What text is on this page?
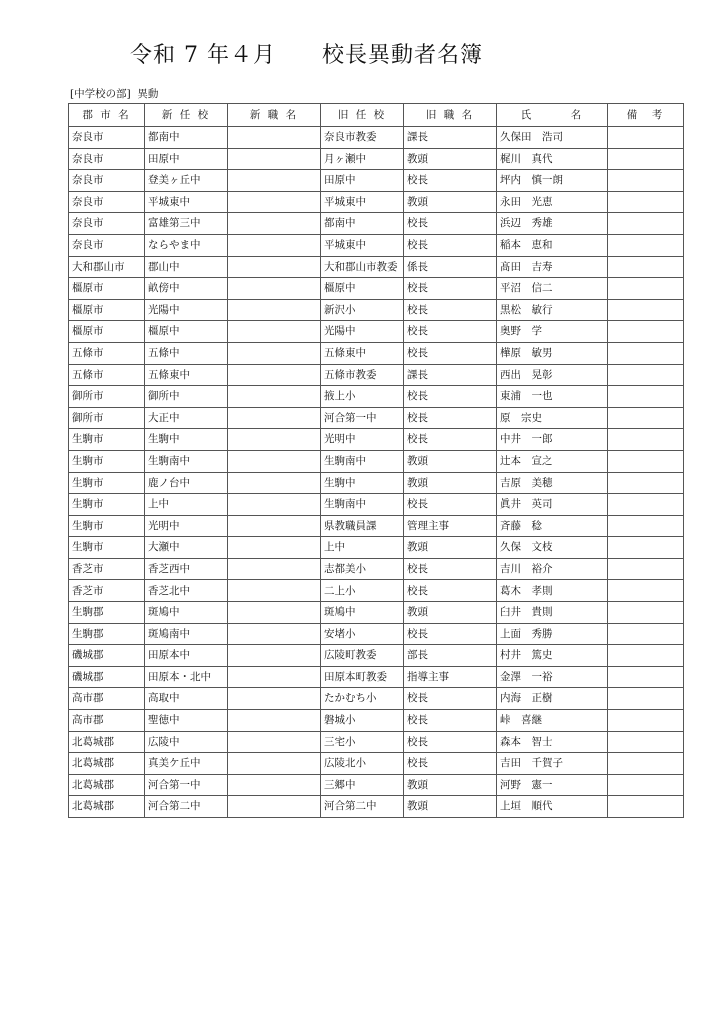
令和 7 年４月　　校長異動者名簿
[中学校の部]  異動
郡 市 名	新 任 校	新 職 名	旧 任 校	旧 職 名	氏　　　名	備　考
奈良市	都南中		奈良市教委	課長	久保田　浩司	
奈良市	田原中		月ヶ瀬中	教頭	梶川　真代	
奈良市	登美ヶ丘中		田原中	校長	坪内　慎一朗	
奈良市	平城東中		平城東中	教頭	永田　光恵	
奈良市	富雄第三中		都南中	校長	浜辺　秀雄	
奈良市	ならやま中		平城東中	校長	稲本　恵和	
大和郡山市	郡山中		大和郡山市教委	係長	髙田　吉寿	
橿原市	畝傍中		橿原中	校長	平沼　信二	
橿原市	光陽中		新沢小	校長	黒松　敏行	
橿原市	橿原中		光陽中	校長	奥野　学	
五條市	五條中		五條東中	校長	樺原　敏男	
五條市	五條東中		五條市教委	課長	西出　晃彰	
御所市	御所中		掖上小	校長	東浦　一也	
御所市	大正中		河合第一中	校長	原　宗史	
生駒市	生駒中		光明中	校長	中井　一郎	
生駒市	生駒南中		生駒南中	教頭	辻本　宣之	
生駒市	鹿ノ台中		生駒中	教頭	吉原　美穂	
生駒市	上中		生駒南中	校長	眞井　英司	
生駒市	光明中		県教職員課	管理主事	斉藤　稔	
生駒市	大瀬中		上中	教頭	久保　文枝	
香芝市	香芝西中		志都美小	校長	吉川　裕介	
香芝市	香芝北中		二上小	校長	葛木　孝則	
生駒郡	斑鳩中		斑鳩中	教頭	臼井　貴則	
生駒郡	斑鳩南中		安堵小	校長	上面　秀勝	
磯城郡	田原本中		広陵町教委	部長	村井　篤史	
磯城郡	田原本・北中		田原本町教委	指導主事	金澤　一裕	
高市郡	高取中		たかむち小	校長	内海　正樹	
高市郡	聖徳中		磐城小	校長	峠　喜継	
北葛城郡	広陵中		三宅小	校長	森本　智士	
北葛城郡	真美ケ丘中		広陵北小	校長	吉田　千賀子	
北葛城郡	河合第一中		三郷中	教頭	河野　憲一	
北葛城郡	河合第二中		河合第二中	教頭	上垣　順代	
